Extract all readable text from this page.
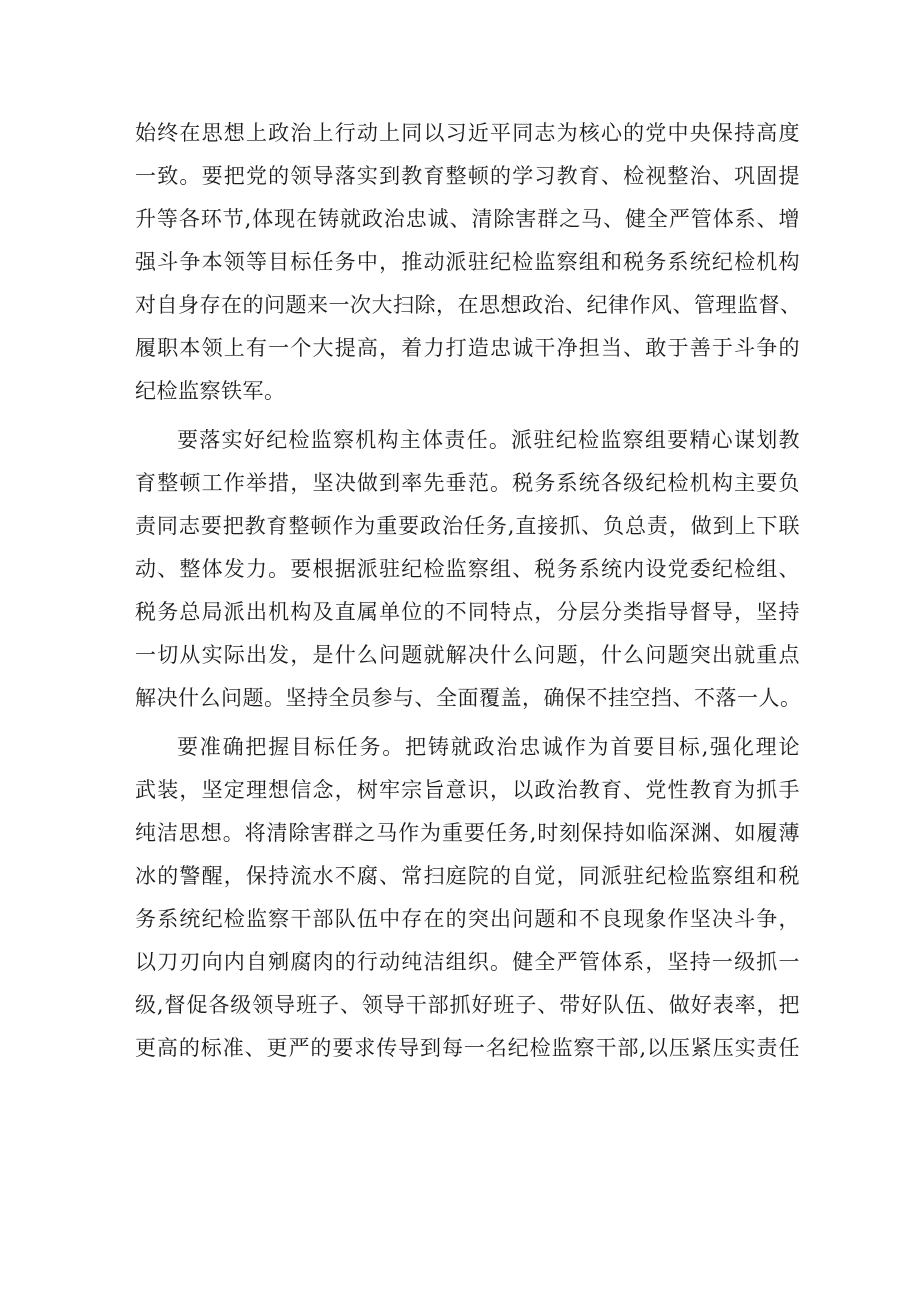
始终在思想上政治上行动上同以习近平同志为核心的党中央保持高度
一致。要把党的领导落实到教育整顿的学习教育、检视整治、巩固提
升等各环节,体现在铸就政治忠诚、清除害群之马、健全严管体系、增
强斗争本领等目标任务中，推动派驻纪检监察组和税务系统纪检机构
对自身存在的问题来一次大扫除，在思想政治、纪律作风、管理监督、
履职本领上有一个大提高，着力打造忠诚干净担当、敢于善于斗争的
纪检监察铁军。
要落实好纪检监察机构主体责任。派驻纪检监察组要精心谋划教
育整顿工作举措，坚决做到率先垂范。税务系统各级纪检机构主要负
责同志要把教育整顿作为重要政治任务,直接抓、负总责，做到上下联
动、整体发力。要根据派驻纪检监察组、税务系统内设党委纪检组、
税务总局派出机构及直属单位的不同特点，分层分类指导督导，坚持
一切从实际出发，是什么问题就解决什么问题，什么问题突出就重点
解决什么问题。坚持全员参与、全面覆盖，确保不挂空挡、不落一人。
要准确把握目标任务。把铸就政治忠诚作为首要目标,强化理论
武装，坚定理想信念，树牢宗旨意识，以政治教育、党性教育为抓手
纯洁思想。将清除害群之马作为重要任务,时刻保持如临深渊、如履薄
冰的警醒，保持流水不腐、常扫庭院的自觉，同派驻纪检监察组和税
务系统纪检监察干部队伍中存在的突出问题和不良现象作坚决斗争，
以刀刃向内自剜腐肉的行动纯洁组织。健全严管体系，坚持一级抓一
级,督促各级领导班子、领导干部抓好班子、带好队伍、做好表率，把
更高的标准、更严的要求传导到每一名纪检监察干部,以压紧压实责任
